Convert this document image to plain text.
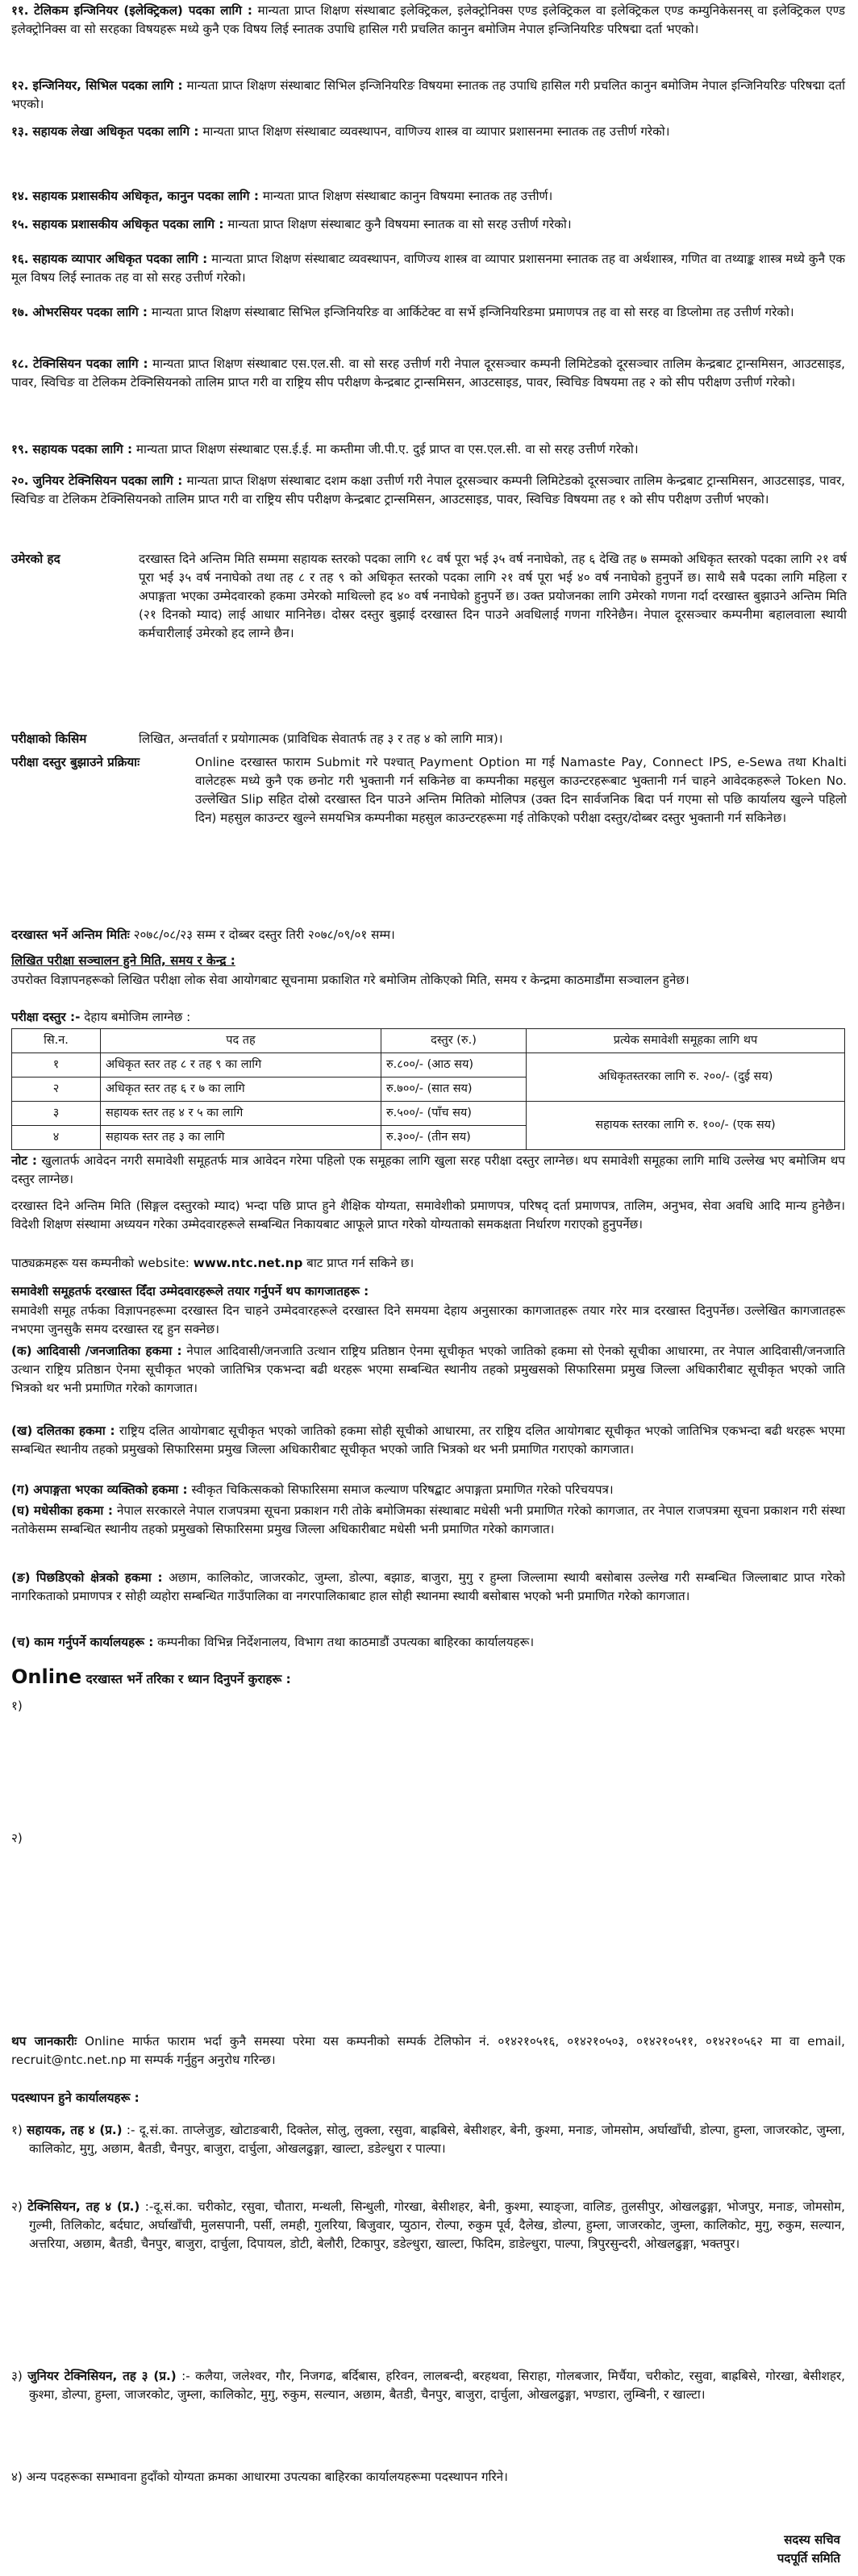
११. टेलिकम इन्जिनियर (इलेक्ट्रिकल) पदका लागि : मान्यता प्राप्त शिक्षण संस्थाबाट इलेक्ट्रिकल, इलेक्ट्रोनिक्स एण्ड इलेक्ट्रिकल वा इलेक्ट्रिकल एण्ड कम्युनिकेसनस् वा इलेक्ट्रिकल एण्ड इलेक्ट्रोनिक्स वा सो सरहका विषयहरू मध्ये कुनै एक विषय लिई स्नातक उपाधि हासिल गरी प्रचलित कानुन बमोजिम नेपाल इन्जिनियरिङ परिषद्मा दर्ता भएको।
१२. इन्जिनियर, सिभिल पदका लागि : मान्यता प्राप्त शिक्षण संस्थाबाट सिभिल इन्जिनियरिङ विषयमा स्नातक तह उपाधि हासिल गरी प्रचलित कानुन बमोजिम नेपाल इन्जिनियरिङ परिषद्मा दर्ता भएको।
१३. सहायक लेखा अधिकृत पदका लागि : मान्यता प्राप्त शिक्षण संस्थाबाट व्यवस्थापन, वाणिज्य शास्त्र वा व्यापार प्रशासनमा स्नातक तह उत्तीर्ण गरेको।
१४. सहायक प्रशासकीय अधिकृत, कानुन पदका लागि : मान्यता प्राप्त शिक्षण संस्थाबाट कानुन विषयमा स्नातक तह उत्तीर्ण।
१५. सहायक प्रशासकीय अधिकृत पदका लागि : मान्यता प्राप्त शिक्षण संस्थाबाट कुनै विषयमा स्नातक वा सो सरह उत्तीर्ण गरेको।
१६. सहायक व्यापार अधिकृत पदका लागि : मान्यता प्राप्त शिक्षण संस्थाबाट व्यवस्थापन, वाणिज्य शास्त्र वा व्यापार प्रशासनमा स्नातक तह वा अर्थशास्त्र, गणित वा तथ्याङ्क शास्त्र मध्ये कुनै एक मूल विषय लिई स्नातक तह वा सो सरह उत्तीर्ण गरेको।
१७. ओभरसियर पदका लागि : मान्यता प्राप्त शिक्षण संस्थाबाट सिभिल इन्जिनियरिङ वा आर्किटेक्ट वा सर्भे इन्जिनियरिङमा प्रमाणपत्र तह वा सो सरह वा डिप्लोमा तह उत्तीर्ण गरेको।
१८. टेक्निसियन पदका लागि : मान्यता प्राप्त शिक्षण संस्थाबाट एस.एल.सी. वा सो सरह उत्तीर्ण गरी नेपाल दूरसञ्चार कम्पनी लिमिटेडको दूरसञ्चार तालिम केन्द्रबाट ट्रान्समिसन, आउटसाइड, पावर, स्विचिङ वा टेलिकम टेक्निसियनको तालिम प्राप्त गरी वा राष्ट्रिय सीप परीक्षण केन्द्रबाट ट्रान्समिसन, आउटसाइड, पावर, स्विचिङ विषयमा तह २ को सीप परीक्षण उत्तीर्ण गरेको।
१९. सहायक पदका लागि : मान्यता प्राप्त शिक्षण संस्थाबाट एस.ई.ई. मा कम्तीमा जी.पी.ए. दुई प्राप्त वा एस.एल.सी. वा सो सरह उत्तीर्ण गरेको।
२०. जुनियर टेक्निसियन पदका लागि : मान्यता प्राप्त शिक्षण संस्थाबाट दशम कक्षा उत्तीर्ण गरी नेपाल दूरसञ्चार कम्पनी लिमिटेडको दूरसञ्चार तालिम केन्द्रबाट ट्रान्समिसन, आउटसाइड, पावर, स्विचिङ वा टेलिकम टेक्निसियनको तालिम प्राप्त गरी वा राष्ट्रिय सीप परीक्षण केन्द्रबाट ट्रान्समिसन, आउटसाइड, पावर, स्विचिङ विषयमा तह १ को सीप परीक्षण उत्तीर्ण भएको।
उमेरको हद	दरखास्त दिने अन्तिम मिति सम्ममा सहायक स्तरको पदका लागि १८ वर्ष पूरा भई ३५ वर्ष ननाघेको, तह ६ देखि तह ७ सम्मको अधिकृत स्तरको पदका लागि २१ वर्ष पूरा भई ३५ वर्ष ननाघेको तथा तह ८ र तह ९ को अधिकृत स्तरको पदका लागि २१ वर्ष पूरा भई ४० वर्ष ननाघेको हुनुपर्ने छ। साथै सबै पदका लागि महिला र अपाङ्गता भएका उम्मेदवारको हकमा उमेरको माथिल्लो हद ४० वर्ष ननाघेको हुनुपर्ने छ। उक्त प्रयोजनका लागि उमेरको गणना गर्दा दरखास्त बुझाउने अन्तिम मिति (२१ दिनको म्याद) लाई आधार मानिनेछ। दोस्रर दस्तुर बुझाई दरखास्त दिन पाउने अवधिलाई गणना गरिनेछैन। नेपाल दूरसञ्चार कम्पनीमा बहालवाला स्थायी कर्मचारीलाई उमेरको हद लाग्ने छैन।
परीक्षाको किसिम	लिखित, अन्तर्वार्ता र प्रयोगात्मक (प्राविधिक सेवातर्फ तह ३ र तह ४ को लागि मात्र)।
परीक्षा दस्तुर बुझाउने प्रक्रियाः	Online दरखास्त फाराम Submit गरे पश्चात् Payment Option मा गई Namaste Pay, Connect IPS, e-Sewa तथा Khalti वालेटहरू मध्ये कुनै एक छनोट गरी भुक्तानी गर्न सकिनेछ वा कम्पनीका महसुल काउन्टरहरूबाट भुक्तानी गर्न चाहने आवेदकहरूले Token No. उल्लेखित Slip सहित दोस्रो दरखास्त दिन पाउने अन्तिम मितिको मोलिपत्र (उक्त दिन सार्वजनिक बिदा पर्न गएमा सो पछि कार्यालय खुल्ने पहिलो दिन) महसुल काउन्टर खुल्ने समयभित्र कम्पनीका महसुल काउन्टरहरूमा गई तोकिएको परीक्षा दस्तुर/दोब्बर दस्तुर भुक्तानी गर्न सकिनेछ।
दरखास्त भर्ने अन्तिम मितिः २०७८/०८/२३ सम्म र दोब्बर दस्तुर तिरी २०७८/०९/०१ सम्म।
लिखित परीक्षा सञ्चालन हुने मिति, समय र केन्द्र :
उपरोक्त विज्ञापनहरूको लिखित परीक्षा लोक सेवा आयोगबाट सूचनामा प्रकाशित गरे बमोजिम तोकिएको मिति, समय र केन्द्रमा काठमाडौंमा सञ्चालन हुनेछ।
परीक्षा दस्तुर :- देहाय बमोजिम लाग्नेछ :
सि.न.	पद तह	दस्तुर (रु.)	प्रत्येक समावेशी समूहका लागि थप
१	अधिकृत स्तर तह ८ र तह ९ का लागि	रु.८००/- (आठ सय)	अधिकृतस्तरका लागि रु. २००/- (दुई सय)
२	अधिकृत स्तर तह ६ र ७ का लागि	रु.७००/- (सात सय)	
३	सहायक स्तर तह ४ र ५ का लागि	रु.५००/- (पाँच सय)	सहायक स्तरका लागि रु. १००/- (एक सय)
४	सहायक स्तर तह ३ का लागि	रु.३००/- (तीन सय)	
नोट : खुलातर्फ आवेदन नगरी समावेशी समूहतर्फ मात्र आवेदन गरेमा पहिलो एक समूहका लागि खुला सरह परीक्षा दस्तुर लाग्नेछ। थप समावेशी समूहका लागि माथि उल्लेख भए बमोजिम थप दस्तुर लाग्नेछ।
दरखास्त दिने अन्तिम मिति (सिङ्गल दस्तुरको म्याद) भन्दा पछि प्राप्त हुने शैक्षिक योग्यता, समावेशीको प्रमाणपत्र, परिषद् दर्ता प्रमाणपत्र, तालिम, अनुभव, सेवा अवधि आदि मान्य हुनेछैन। विदेशी शिक्षण संस्थामा अध्ययन गरेका उम्मेदवारहरूले सम्बन्धित निकायबाट आफूले प्राप्त गरेको योग्यताको समकक्षता निर्धारण गराएको हुनुपर्नेछ।
पाठ्यक्रमहरू यस कम्पनीको website: www.ntc.net.np बाट प्राप्त गर्न सकिने छ।
समावेशी समूहतर्फ दरखास्त दिँदा उम्मेदवारहरूले तयार गर्नुपर्ने थप कागजातहरू :
समावेशी समूह तर्फका विज्ञापनहरूमा दरखास्त दिन चाहने उम्मेदवारहरूले दरखास्त दिने समयमा देहाय अनुसारका कागजातहरू तयार गरेर मात्र दरखास्त दिनुपर्नेछ। उल्लेखित कागजातहरू नभएमा जुनसुकै समय दरखास्त रद्द हुन सक्नेछ।
(क) आदिवासी /जनजातिका हकमा : नेपाल आदिवासी/जनजाति उत्थान राष्ट्रिय प्रतिष्ठान ऐनमा सूचीकृत भएको जातिको हकमा सो ऐनको सूचीका आधारमा, तर नेपाल आदिवासी/जनजाति उत्थान राष्ट्रिय प्रतिष्ठान ऐनमा सूचीकृत भएको जातिभित्र एकभन्दा बढी थरहरू भएमा सम्बन्धित स्थानीय तहको प्रमुखसको सिफारिसमा प्रमुख जिल्ला अधिकारीबाट सूचीकृत भएको जाति भित्रको थर भनी प्रमाणित गरेको कागजात।
(ख) दलितका हकमा : राष्ट्रिय दलित आयोगबाट सूचीकृत भएको जातिको हकमा सोही सूचीको आधारमा, तर राष्ट्रिय दलित आयोगबाट सूचीकृत भएको जातिभित्र एकभन्दा बढी थरहरू भएमा सम्बन्धित स्थानीय तहको प्रमुखको सिफारिसमा प्रमुख जिल्ला अधिकारीबाट सूचीकृत भएको जाति भित्रको थर भनी प्रमाणित गराएको कागजात।
(ग) अपाङ्गता भएका व्यक्तिको हकमा : स्वीकृत चिकित्सकको सिफारिसमा समाज कल्याण परिषद्बाट अपाङ्गता प्रमाणित गरेको परिचयपत्र।
(घ) मधेसीका हकमा : नेपाल सरकारले नेपाल राजपत्रमा सूचना प्रकाशन गरी तोके बमोजिमका संस्थाबाट मधेसी भनी प्रमाणित गरेको कागजात, तर नेपाल राजपत्रमा सूचना प्रकाशन गरी संस्था नतोकेसम्म सम्बन्धित स्थानीय तहको प्रमुखको सिफारिसमा प्रमुख जिल्ला अधिकारीबाट मधेसी भनी प्रमाणित गरेको कागजात।
(ङ) पिछडिएको क्षेत्रको हकमा : अछाम, कालिकोट, जाजरकोट, जुम्ला, डोल्पा, बझाङ, बाजुरा, मुगु र हुम्ला जिल्लामा स्थायी बसोबास उल्लेख गरी सम्बन्धित जिल्लाबाट प्राप्त गरेको नागरिकताको प्रमाणपत्र र सोही व्यहोरा सम्बन्धित गाउँपालिका वा नगरपालिकाबाट हाल सोही स्थानमा स्थायी बसोबास भएको भनी प्रमाणित गरेको कागजात।
(च) काम गर्नुपर्ने कार्यालयहरू : कम्पनीका विभिन्न निर्देशनालय, विभाग तथा काठमाडौं उपत्यका बाहिरका कार्यालयहरू।
Online दरखास्त भर्ने तरिका र ध्यान दिनुपर्ने कुराहरू :
१)
२)
थप जानकारीः Online मार्फत फाराम भर्दा कुनै समस्या परेमा यस कम्पनीको सम्पर्क टेलिफोन नं. ०१४२१०५१६, ०१४२१०५०३, ०१४२१०५११, ०१४२१०५६२ मा वा email, recruit@ntc.net.np मा सम्पर्क गर्नुहुन अनुरोध गरिन्छ।
पदस्थापन हुने कार्यालयहरू :
१) सहायक, तह ४ (प्र.) :- दू.सं.का. ताप्लेजुङ, खोटाङबारी, दिक्तेल, सोलु, लुक्ला, रसुवा, बाह्रबिसे, बेसीशहर, बेनी, कुश्मा, मनाङ, जोमसोम, अर्घाखाँची, डोल्पा, हुम्ला, जाजरकोट, जुम्ला, कालिकोट, मुगु, अछाम, बैतडी, चैनपुर, बाजुरा, दार्चुला, ओखलढुङ्गा, खाल्टा, डडेल्धुरा र पाल्पा।
२) टेक्निसियन, तह ४ (प्र.) :-दू.सं.का. चरीकोट, रसुवा, चौतारा, मन्थली, सिन्धुली, गोरखा, बेसीशहर, बेनी, कुश्मा, स्याङ्जा, वालिङ, तुलसीपुर, ओखलढुङ्गा, भोजपुर, मनाङ, जोमसोम, गुल्मी, तिलिकोट, बर्दघाट, अर्घाखाँची, मुलसपानी, पर्सी, लमही, गुलरिया, बिजुवार, प्युठान, रोल्पा, रुकुम पूर्व, दैलेख, डोल्पा, हुम्ला, जाजरकोट, जुम्ला, कालिकोट, मुगु, रुकुम, सल्यान, अत्तरिया, अछाम, बैतडी, चैनपुर, बाजुरा, दार्चुला, दिपायल, डोटी, बेलौरी, टिकापुर, डडेल्धुरा, खाल्टा, फिदिम, डाडेल्धुरा, पाल्पा, त्रिपुरसुन्दरी, ओखलढुङ्गा, भक्तपुर।
३) जुनियर टेक्निसियन, तह ३ (प्र.) :- कलैया, जलेश्वर, गौर, निजगढ, बर्दिबास, हरिवन, लालबन्दी, बरहथवा, सिराहा, गोलबजार, मिर्चैया, चरीकोट, रसुवा, बाह्रबिसे, गोरखा, बेसीशहर, कुश्मा, डोल्पा, हुम्ला, जाजरकोट, जुम्ला, कालिकोट, मुगु, रुकुम, सल्यान, अछाम, बैतडी, चैनपुर, बाजुरा, दार्चुला, ओखलढुङ्गा, भण्डारा, लुम्बिनी, र खाल्टा।
४) अन्य पदहरूका सम्भावना हुदाँको योग्यता क्रमका आधारमा उपत्यका बाहिरका कार्यालयहरूमा पदस्थापन गरिने।
सदस्य सचिव
पदपूर्ति समिति
